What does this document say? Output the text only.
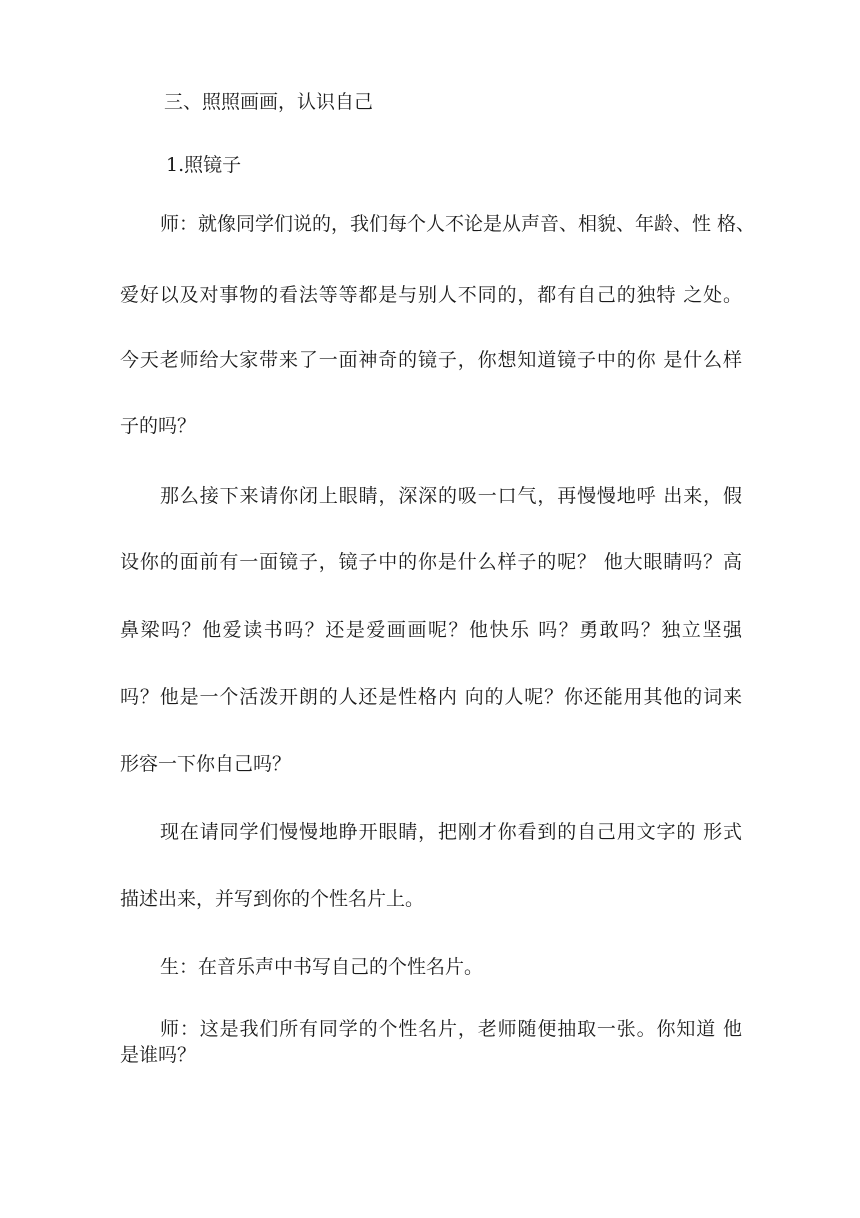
三、照照画画，认识自己
1.照镜子
师：就像同学们说的，我们每个人不论是从声音、相貌、年龄、性 格、
爱好以及对事物的看法等等都是与别人不同的，都有自己的独特 之处。
今天老师给大家带来了一面神奇的镜子，你想知道镜子中的你 是什么样
子的吗？
那么接下来请你闭上眼睛，深深的吸一口气，再慢慢地呼 出来，假
设你的面前有一面镜子，镜子中的你是什么样子的呢？ 他大眼睛吗？高
鼻梁吗？他爱读书吗？还是爱画画呢？他快乐 吗？勇敢吗？独立坚强
吗？他是一个活泼开朗的人还是性格内 向的人呢？你还能用其他的词来
形容一下你自己吗？
现在请同学们慢慢地睁开眼睛，把刚才你看到的自己用文字的 形式
描述出来，并写到你的个性名片上。
生：在音乐声中书写自己的个性名片。
师：这是我们所有同学的个性名片，老师随便抽取一张。你知道 他
是谁吗？
